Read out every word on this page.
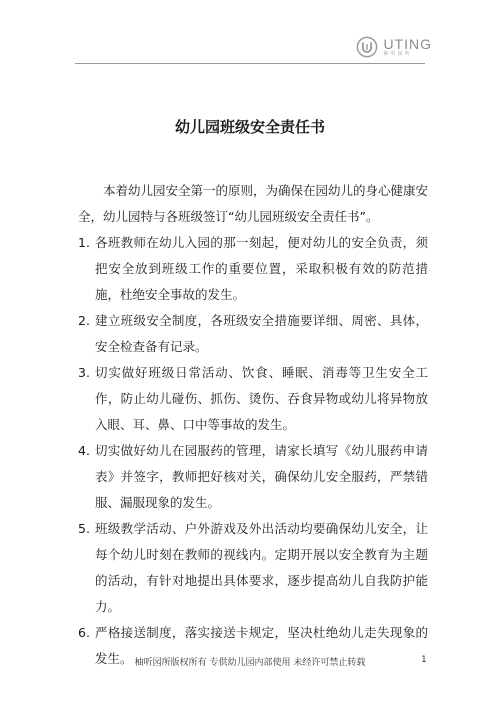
UTING
柚听园所
幼儿园班级安全责任书

本着幼儿园安全第一的原则，为确保在园幼儿的身心健康安全，幼儿园特与各班级签订“幼儿园班级安全责任书”。

1. 各班教师在幼儿入园的那一刻起，便对幼儿的安全负责，须把安全放到班级工作的重要位置，采取积极有效的防范措施，杜绝安全事故的发生。
2. 建立班级安全制度，各班级安全措施要详细、周密、具体，安全检查备有记录。
3. 切实做好班级日常活动、饮食、睡眠、消毒等卫生安全工作，防止幼儿碰伤、抓伤、烫伤、吞食异物或幼儿将异物放入眼、耳、鼻、口中等事故的发生。
4. 切实做好幼儿在园服药的管理，请家长填写《幼儿服药申请表》并签字，教师把好核对关，确保幼儿安全服药，严禁错服、漏服现象的发生。
5. 班级教学活动、户外游戏及外出活动均要确保幼儿安全，让每个幼儿时刻在教师的视线内。定期开展以安全教育为主题的活动，有针对地提出具体要求，逐步提高幼儿自我防护能力。
6. 严格接送制度，落实接送卡规定，坚决杜绝幼儿走失现象的发生。 柚听园所版权所有 专供幼儿园内部使用 未经许可禁止转载	1
